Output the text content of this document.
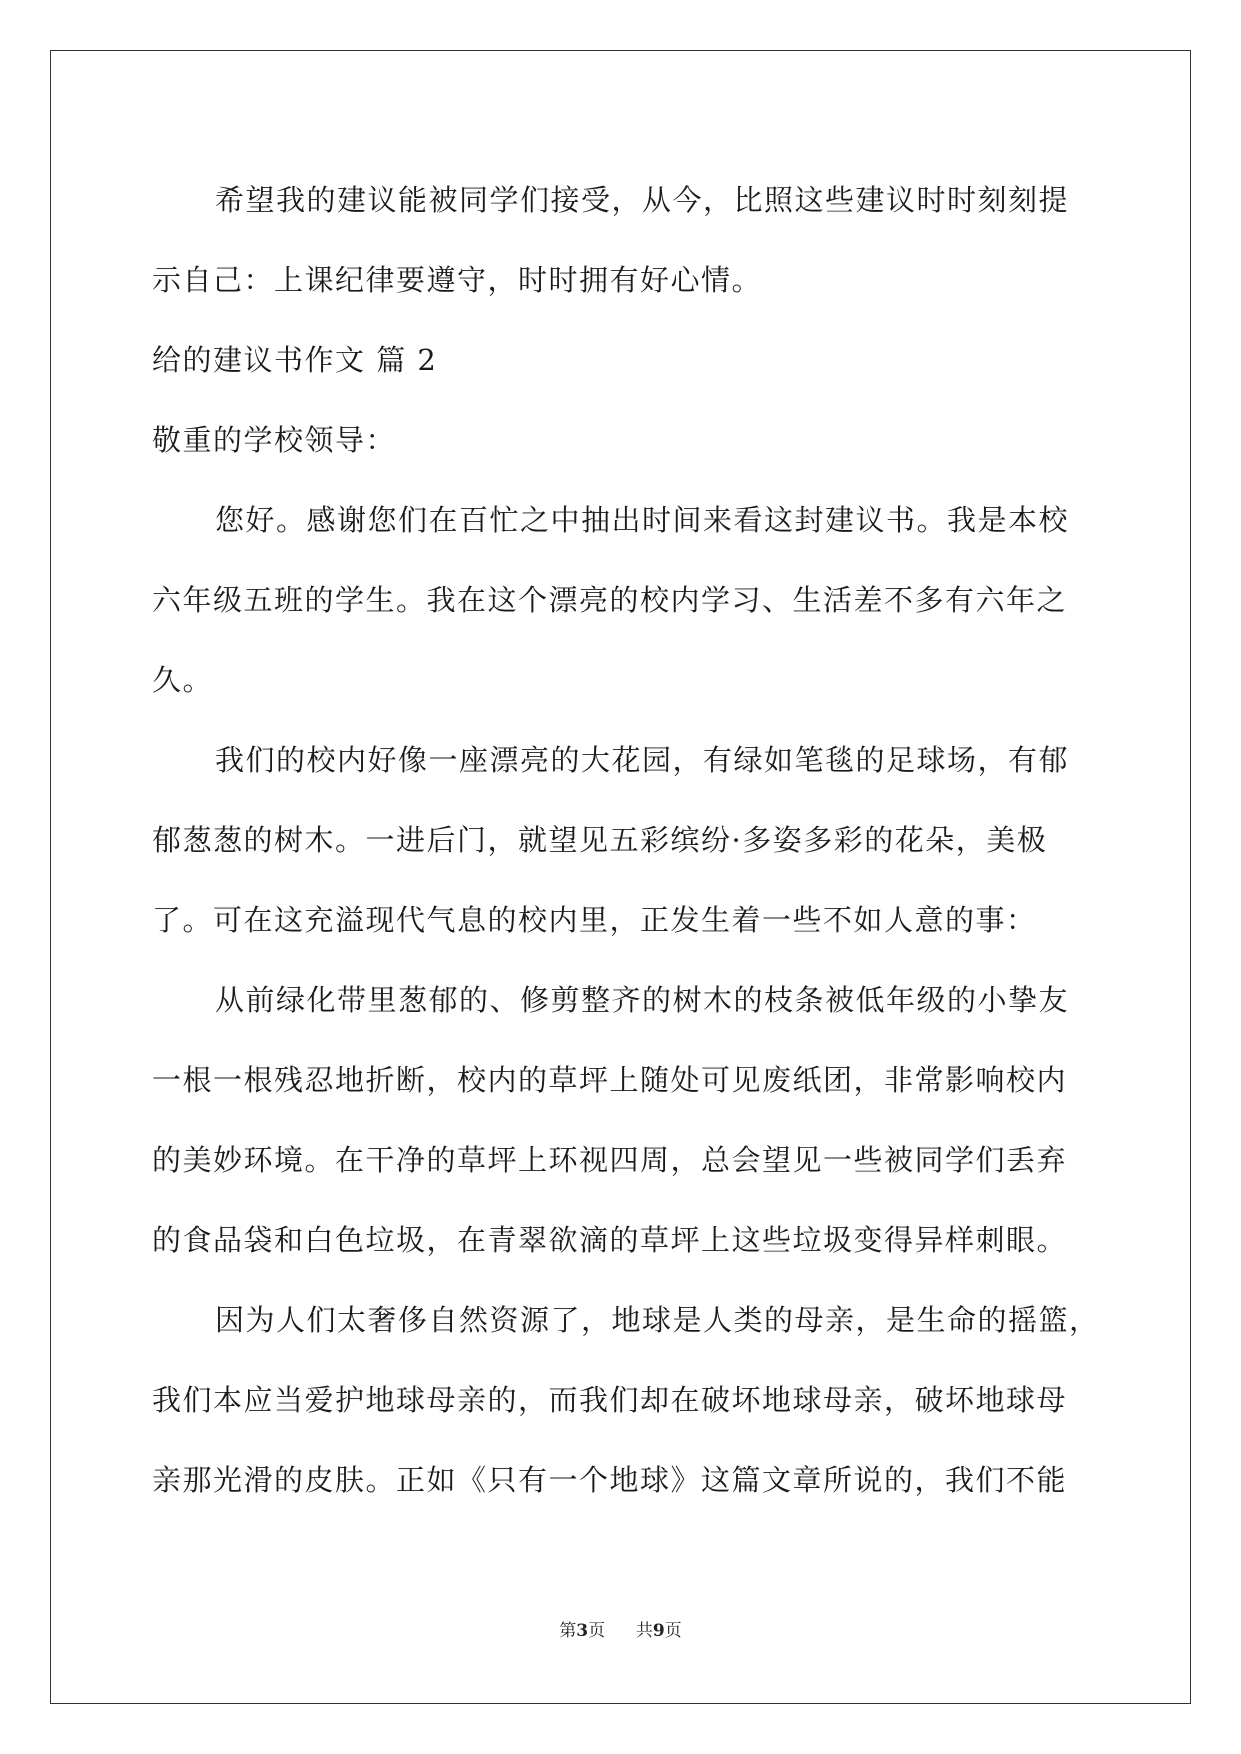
希望我的建议能被同学们接受，从今，比照这些建议时时刻刻提
示自己：上课纪律要遵守，时时拥有好心情。
给的建议书作文 篇 2
敬重的学校领导：
您好。感谢您们在百忙之中抽出时间来看这封建议书。我是本校
六年级五班的学生。我在这个漂亮的校内学习、生活差不多有六年之
久。
我们的校内好像一座漂亮的大花园，有绿如笔毯的足球场，有郁
郁葱葱的树木。一进后门，就望见五彩缤纷·多姿多彩的花朵，美极
了。可在这充溢现代气息的校内里，正发生着一些不如人意的事：
从前绿化带里葱郁的、修剪整齐的树木的枝条被低年级的小挚友
一根一根残忍地折断，校内的草坪上随处可见废纸团，非常影响校内
的美妙环境。在干净的草坪上环视四周，总会望见一些被同学们丢弃
的食品袋和白色垃圾，在青翠欲滴的草坪上这些垃圾变得异样刺眼。
因为人们太奢侈自然资源了，地球是人类的母亲，是生命的摇篮，
我们本应当爱护地球母亲的，而我们却在破坏地球母亲，破坏地球母
亲那光滑的皮肤。正如《只有一个地球》这篇文章所说的，我们不能
第3页 共9页
